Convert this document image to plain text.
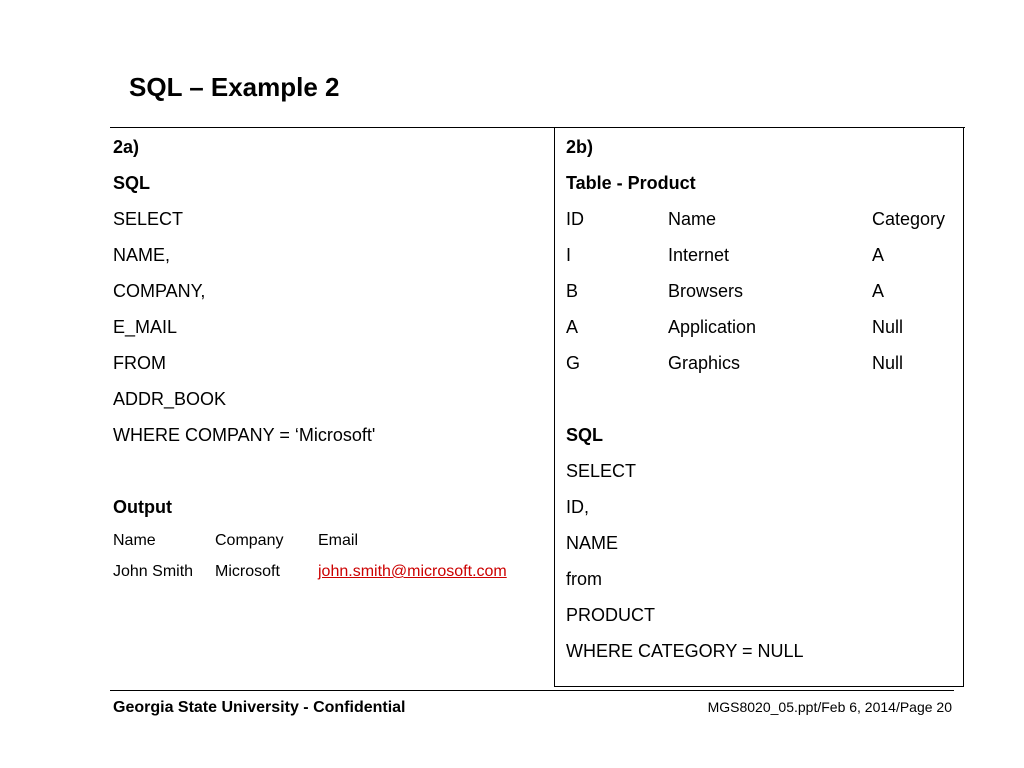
SQL – Example 2
2a)
SQL
SELECT
NAME,
COMPANY,
E_MAIL
FROM
ADDR_BOOK
WHERE COMPANY = ‘Microsoft'
Output
Name	Company	Email
John Smith	Microsoft	john.smith@microsoft.com
2b)
Table - Product
ID	Name	Category
I	Internet	A
B	Browsers	A
A	Application	Null
G	Graphics	Null
SQL
SELECT
ID,
NAME
from
PRODUCT
WHERE CATEGORY = NULL
Georgia State University - Confidential	MGS8020_05.ppt/Feb 6, 2014/Page 20
